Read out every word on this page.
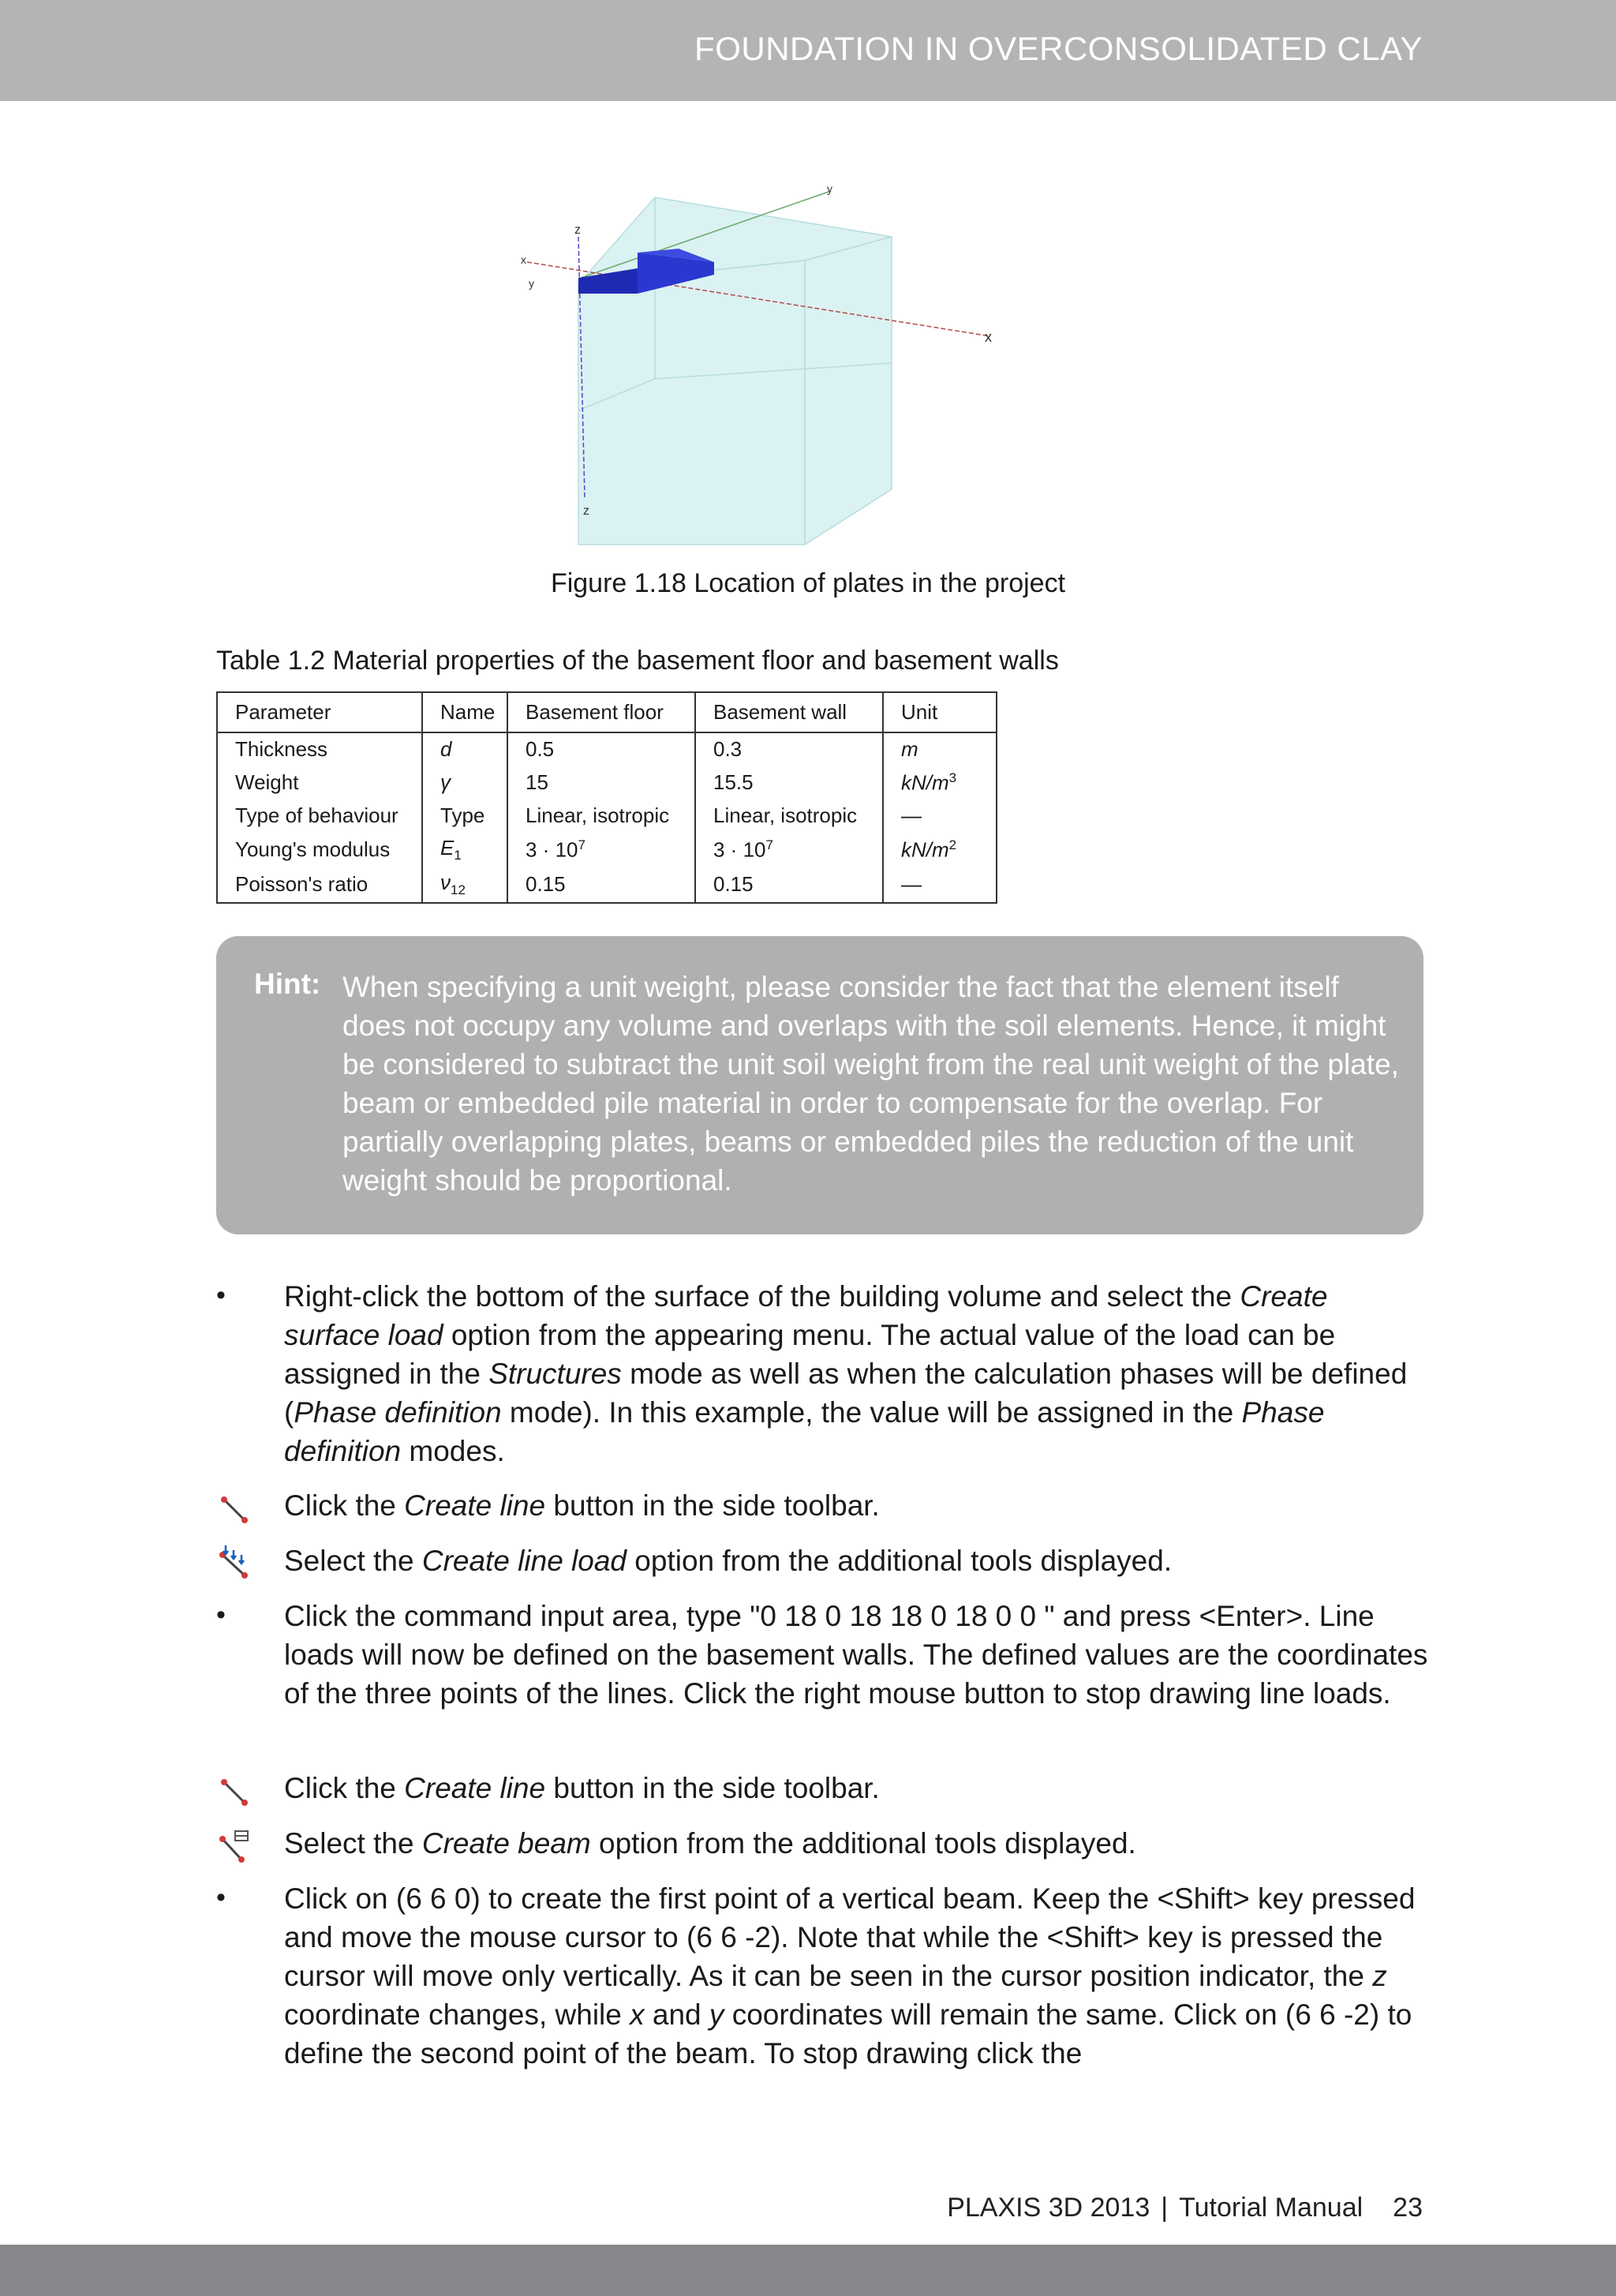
FOUNDATION IN OVERCONSOLIDATED CLAY
x
y
z
z
x
y
Figure 1.18 Location of plates in the project
Table 1.2 Material properties of the basement floor and basement walls
Parameter	Name	Basement floor	Basement wall	Unit
Thickness	d	0.5	0.3	m
Weight	γ	15	15.5	$kN/m^3$
Type of behaviour	Type	Linear, isotropic	Linear, isotropic	—
Young's modulus	$E_1$	$3 \cdot 10^7$	$3 \cdot 10^7$	$kN/m^2$
Poisson's ratio	$\nu_{12}$	0.15	0.15	—
Hint: When specifying a unit weight, please consider the fact that the element itself does not occupy any volume and overlaps with the soil elements. Hence, it might be considered to subtract the unit soil weight from the real unit weight of the plate, beam or embedded pile material in order to compensate for the overlap. For partially overlapping plates, beams or embedded piles the reduction of the unit weight should be proportional.
• Right-click the bottom of the surface of the building volume and select the Create surface load option from the appearing menu. The actual value of the load can be assigned in the Structures mode as well as when the calculation phases will be defined (Phase definition mode). In this example, the value will be assigned in the Phase definition modes.
Click the Create line button in the side toolbar.
Select the Create line load option from the additional tools displayed.
• Click the command input area, type "0 18 0 18 18 0 18 0 0 " and press <Enter>. Line loads will now be defined on the basement walls. The defined values are the coordinates of the three points of the lines. Click the right mouse button to stop drawing line loads.
Click the Create line button in the side toolbar.
Select the Create beam option from the additional tools displayed.
• Click on (6 6 0) to create the first point of a vertical beam. Keep the <Shift> key pressed and move the mouse cursor to (6 6 -2). Note that while the <Shift> key is pressed the cursor will move only vertically. As it can be seen in the cursor position indicator, the z coordinate changes, while x and y coordinates will remain the same. Click on (6 6 -2) to define the second point of the beam. To stop drawing click the
PLAXIS 3D 2013 | Tutorial Manual 23
